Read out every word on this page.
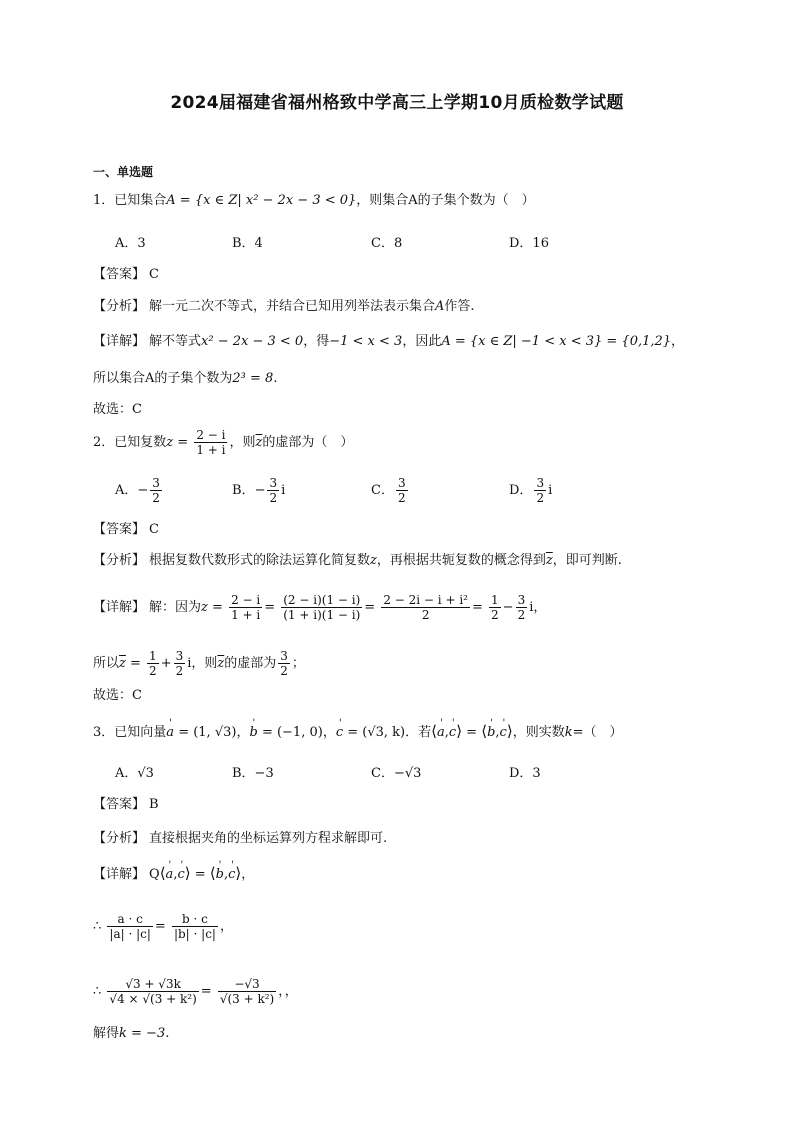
2024届福建省福州格致中学高三上学期10月质检数学试题
一、单选题
1．已知集合A = {x ∈ Z| x² − 2x − 3 < 0}，则集合A的子集个数为（　）
A．3	B．4	C．8	D．16
【答案】 C
【分析】 解一元二次不等式，并结合已知用列举法表示集合A作答.
【详解】 解不等式x² − 2x − 3 < 0，得−1 < x < 3，因此A = {x ∈ Z| −1 < x < 3} = {0,1,2}，
所以集合A的子集个数为2³ = 8.
故选：C
2．已知复数$z = \frac{2 - i}{1 + i}$ ，则$\overline{z}$的虚部为（　）
A．− $\frac{3}{2}$	B．− $\frac{3}{2}$ i	C． $\frac{3}{2}$	D． $\frac{3}{2}$ i
【答案】 C
【分析】 根据复数代数形式的除法运算化简复数z，再根据共轭复数的概念得到$\overline{z}$，即可判断.
【详解】 解：因为$z = \frac{2 - i}{1 + i} = \frac{(2 - i)(1 - i)}{(1 + i)(1 - i)} = \frac{\text{2 − 2i − i + i²}}{2} = \frac{1}{2} - \frac{3}{2}$ i，
所以$\overline{z} = \frac{1}{2} + \frac{3}{2}$ i，则$\overline{z}$的虚部为 $\frac{3}{2}$ ；
故选：C
3．已知向量' a = (1, √3)，' b = (−1, 0)，' c = (√3, k)．若⟨' a,' c⟩ = ⟨' b,' c⟩，则实数k=（　）
A．√3	B．−3	C．−√3	D．3
【答案】 B
【分析】 直接根据夹角的坐标运算列方程求解即可.
【详解】 Q⟨' a,' c⟩ = ⟨' b,' c⟩，
∴ $\frac{a \cdot c}{|a| \cdot |c|} = \frac{b \cdot c}{|b| \cdot |c|}$ ，
∴ $\frac{√3 + √3k}{\text{√4 × √(3 + k²)}} = \frac{-√3}{\text{√(3 + k²)}}$ ，，
解得k = −3.
